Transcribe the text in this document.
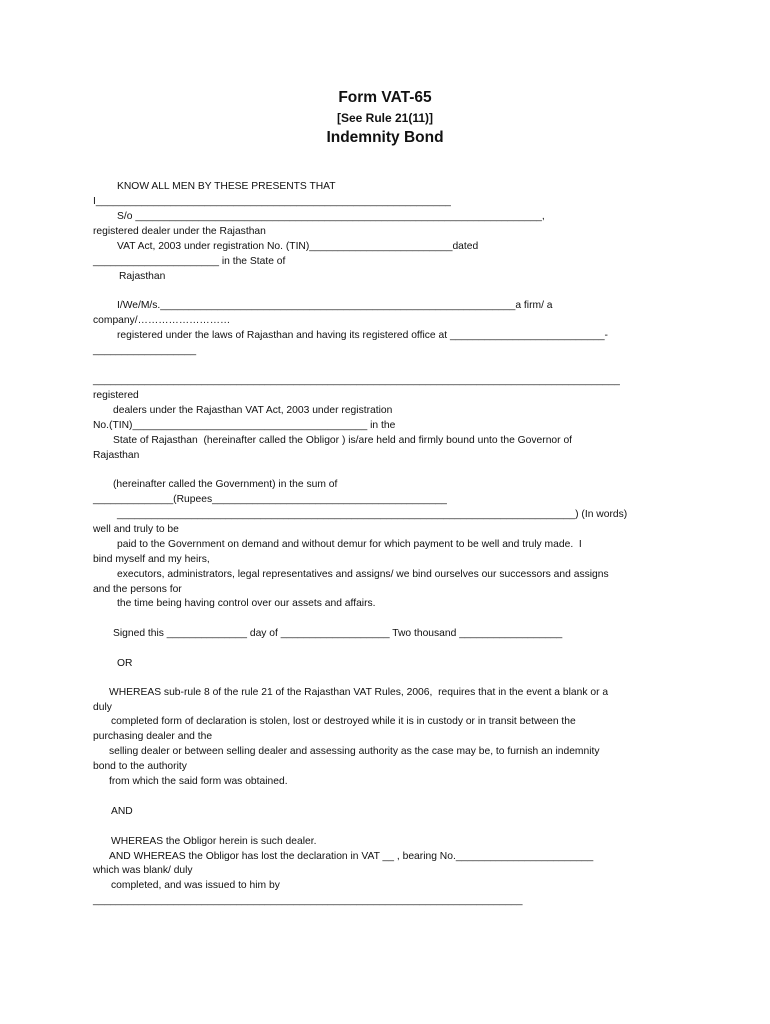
Form VAT-65
[See Rule 21(11)]
Indemnity Bond
KNOW ALL MEN BY THESE PRESENTS THAT
I______________________________________________________________
S/o _______________________________________________________________________,
registered dealer under the Rajasthan
VAT Act, 2003 under registration No. (TIN)_________________________dated
______________________ in the State of
Rajasthan
I/We/M/s.______________________________________________________________a firm/ a
company/………………………
registered under the laws of Rajasthan and having its registered office at ___________________________-
__________________
____________________________________________________________________________________________
registered
dealers under the Rajasthan VAT Act, 2003 under registration
No.(TIN)_________________________________________ in the
State of Rajasthan  (hereinafter called the Obligor ) is/are held and firmly bound unto the Governor of
Rajasthan
(hereinafter called the Government) in the sum of
______________(Rupees_________________________________________
________________________________________________________________________________) (In words)
well and truly to be
paid to the Government on demand and without demur for which payment to be well and truly made.  I
bind myself and my heirs,
executors, administrators, legal representatives and assigns/ we bind ourselves our successors and assigns
and the persons for
the time being having control over our assets and affairs.
Signed this ______________ day of ___________________ Two thousand __________________
OR
WHEREAS sub-rule 8 of the rule 21 of the Rajasthan VAT Rules, 2006,  requires that in the event a blank or a
duly
completed form of declaration is stolen, lost or destroyed while it is in custody or in transit between the
purchasing dealer and the
selling dealer or between selling dealer and assessing authority as the case may be, to furnish an indemnity
bond to the authority
from which the said form was obtained.
AND
WHEREAS the Obligor herein is such dealer.
AND WHEREAS the Obligor has lost the declaration in VAT __ , bearing No.________________________
which was blank/ duly
completed, and was issued to him by
___________________________________________________________________________
